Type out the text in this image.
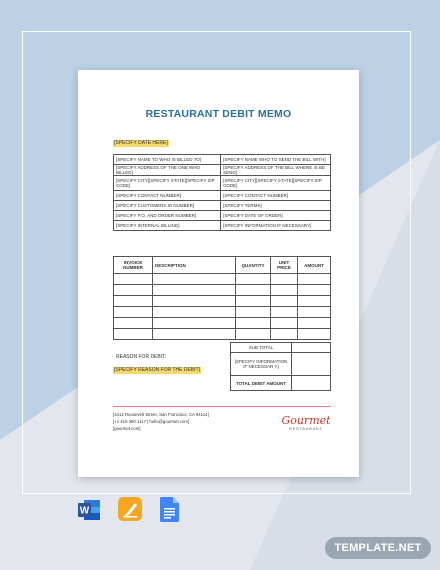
RESTAURANT DEBIT MEMO
[SPECIFY DATE HERE]
[SPECIFY NAME TO WHO IS BILLED TO]	[SPECIFY NAME WHO TO SEND THE BILL WITH]
[SPECIFY ADDRESS OF THE ONE WHO BILLED]	[SPECIFY ADDRESS OF THE BILL WHERE IS BE SEND]
[SPECIFY CITY][SPECIFY STATE][SPECIFY ZIP CODE]	[SPECIFY CITY][SPECIFY STATE][SPECIFY ZIP CODE]
[SPECIFY CONTACT NUMBER]	[SPECIFY CONTACT NUMBER]
[SPECIFY CUSTOMERS ID NUMBER]	[SPECIFY TERMS]
[SPECIFY P.O. AND ORDER NUMBER]	[SPECIFY DATE OF ORDER]
[SPECIFY INTERNAL BILLING]	[SPECIFY INFORMATION IF NECESSARY]
INVOICE NUMBER	DESCRIPTION	QUANTITY	UNIT PRICE	AMOUNT

SUB TOTAL	
[SPECIFY INFORMATION IF NECESSAR Y]	
TOTAL DEBIT AMOUNT	
REASON FOR DEBIT:
[SPECIFY REASON FOR THE DEBIT]
[4412 Roosevelt Street, San Francisco, CA 94114]
[+1 415 350 1117 | hello@gourmet.com]
[gourmet.com]
Gourmet
RESTAURANT
W
TEMPLATE.NET
